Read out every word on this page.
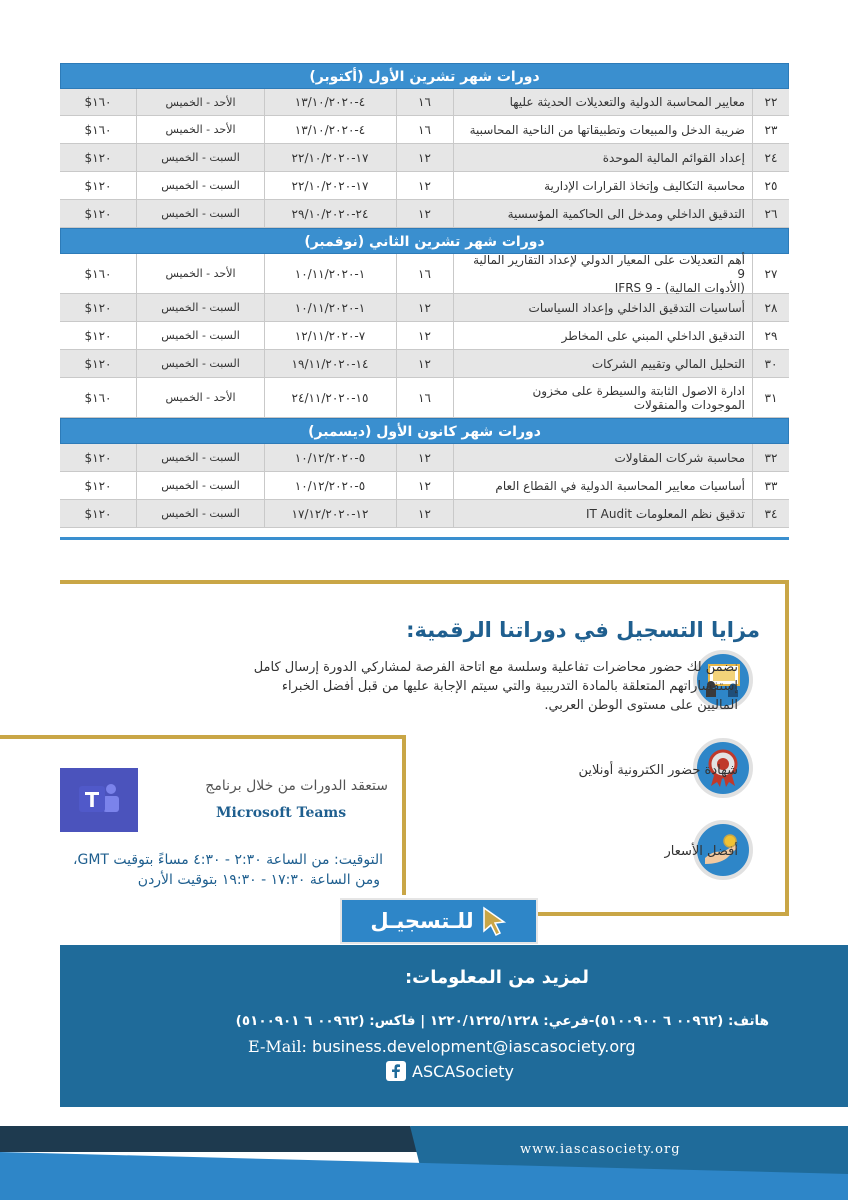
دورات شهر تشرين الأول (أكتوبر)
٢٢
معايير المحاسبة الدولية والتعديلات الحديثة عليها
١٦
٤-١٣/١٠/٢٠٢٠
الأحد - الخميس
$١٦٠
٢٣
ضريبة الدخل والمبيعات وتطبيقاتها من الناحية المحاسبية
١٦
٤-١٣/١٠/٢٠٢٠
الأحد - الخميس
$١٦٠
٢٤
إعداد القوائم المالية الموحدة
١٢
١٧-٢٢/١٠/٢٠٢٠
السبت - الخميس
$١٢٠
٢٥
محاسبة التكاليف وإتخاذ القرارات الإدارية
١٢
١٧-٢٢/١٠/٢٠٢٠
السبت - الخميس
$١٢٠
٢٦
التدقيق الداخلي ومدخل الى الحاكمية المؤسسية
١٢
٢٤-٢٩/١٠/٢٠٢٠
السبت - الخميس
$١٢٠
دورات شهر تشرين الثاني (نوفمبر)
٢٧
أهم التعديلات على المعيار الدولي لإعداد التقارير المالية 9
(الأدوات المالية) - IFRS 9
١٦
١-١٠/١١/٢٠٢٠
الأحد - الخميس
$١٦٠
٢٨
أساسيات التدقيق الداخلي وإعداد السياسات
١٢
١-١٠/١١/٢٠٢٠
السبت - الخميس
$١٢٠
٢٩
التدقيق الداخلي المبني على المخاطر
١٢
٧-١٢/١١/٢٠٢٠
السبت - الخميس
$١٢٠
٣٠
التحليل المالي وتقييم الشركات
١٢
١٤-١٩/١١/٢٠٢٠
السبت - الخميس
$١٢٠
٣١
ادارة الاصول الثابتة والسيطرة على مخزون
الموجودات والمنقولات
١٦
١٥-٢٤/١١/٢٠٢٠
الأحد - الخميس
$١٦٠
دورات شهر كانون الأول (ديسمبر)
٣٢
محاسبة شركات المقاولات
١٢
٥-١٠/١٢/٢٠٢٠
السبت - الخميس
$١٢٠
٣٣
أساسيات معايير المحاسبة الدولية في القطاع العام
١٢
٥-١٠/١٢/٢٠٢٠
السبت - الخميس
$١٢٠
٣٤
تدقيق نظم المعلومات IT Audit
١٢
١٢-١٧/١٢/٢٠٢٠
السبت - الخميس
$١٢٠
مزايا التسجيل في دوراتنا الرقمية:
نضمن لك حضور محاضرات تفاعلية وسلسة مع اتاحة الفرصة لمشاركي الدورة إرسال كامل
إستفساراتهم المتعلقة بالمادة التدريبية والتي سيتم الإجابة عليها من قبل أفضل الخبراء
الماليين على مستوى الوطن العربي.
شهادة حضور الكترونية أونلاين
أفضل الأسعار
ستعقد الدورات من خلال برنامج
Microsoft Teams
التوقيت: من الساعة ٢:٣٠ - ٤:٣٠ مساءً بتوقيت GMT،
ومن الساعة ١٧:٣٠ - ١٩:٣٠ بتوقيت الأردن
للـتسجيـل
لمزيد من المعلومات:
هاتف: (٠٠٩٦٢ ٦ ٥١٠٠٩٠٠)-فرعي: ١٢٢٠/١٢٢٥/١٢٢٨ | فاكس: (٠٠٩٦٢ ٦ ٥١٠٠٩٠١)
E-Mail: business.development@iascasociety.org
ASCASociety
www.iascasociety.org
